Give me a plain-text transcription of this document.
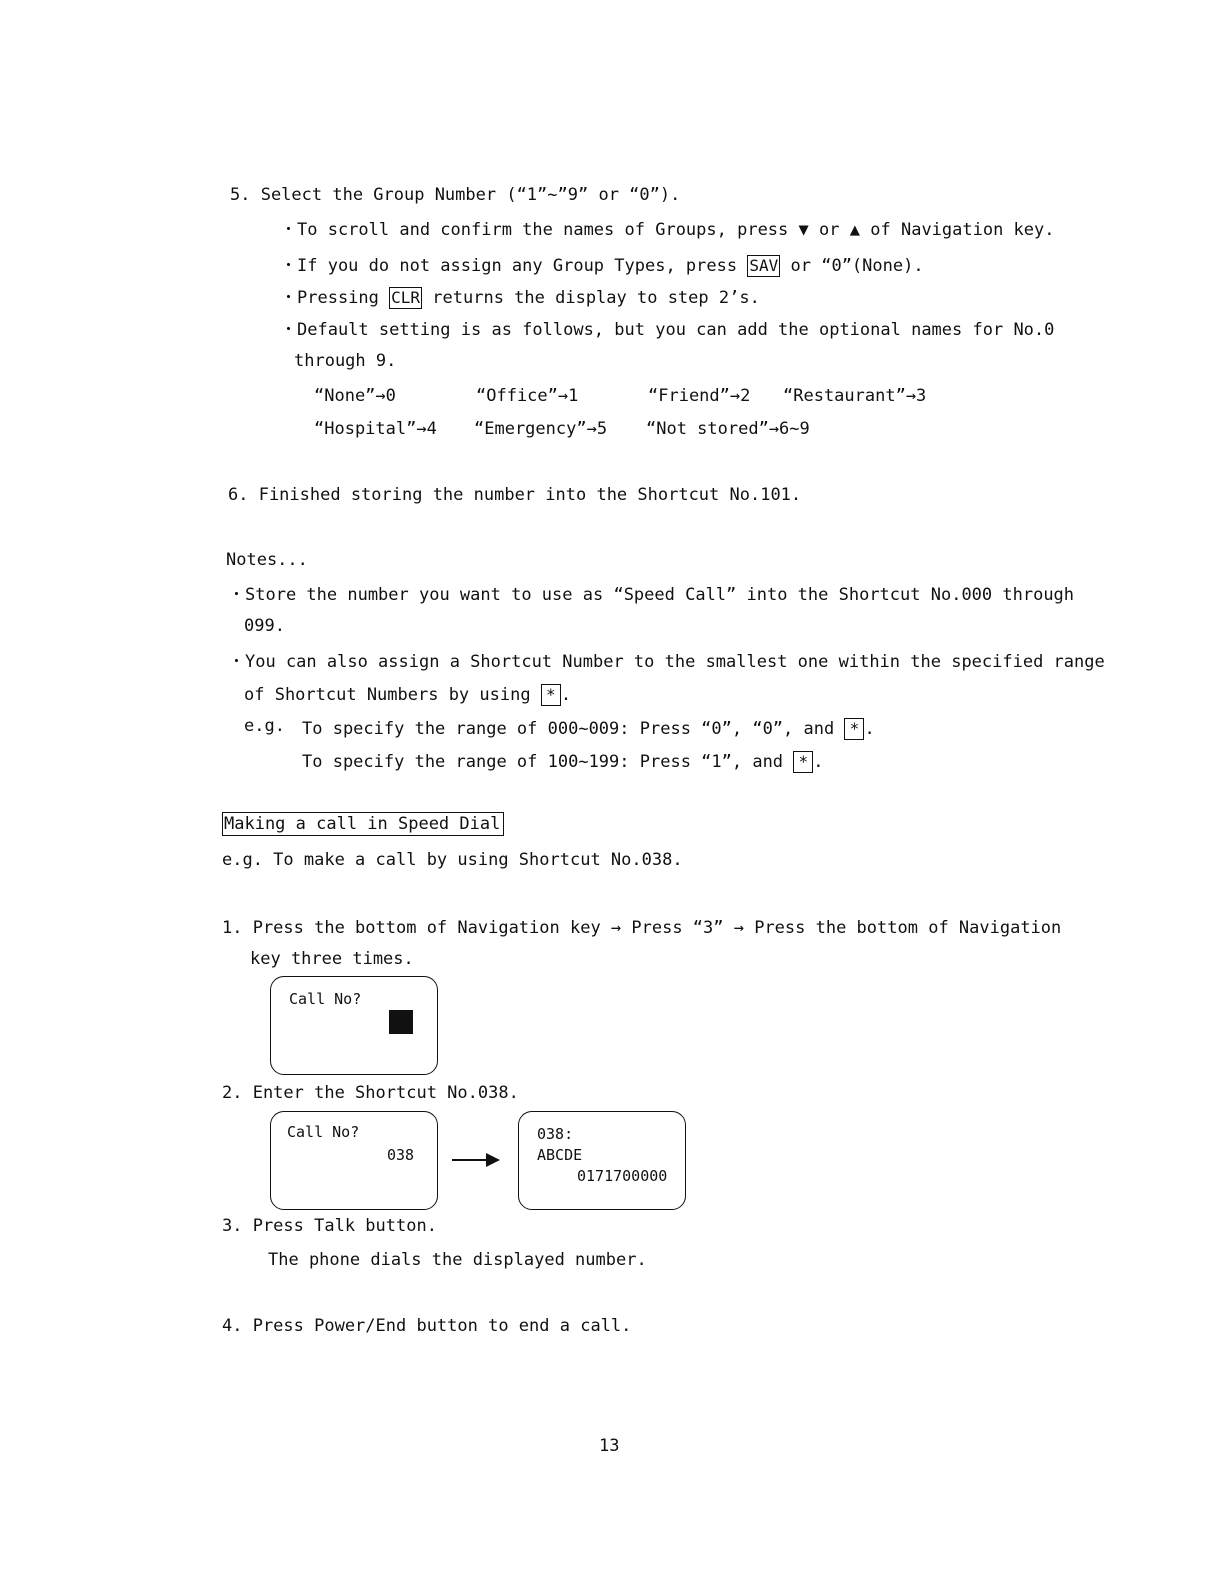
5. Select the Group Number (“1”~”9” or “0”).
・To scroll and confirm the names of Groups, press ▼ or ▲ of Navigation key.
・If you do not assign any Group Types, press SAV or “0”(None).
・Pressing CLR returns the display to step 2’s.
・Default setting is as follows, but you can add the optional names for No.0
through 9.
“None”→0	“Office”→1	“Friend”→2 “Restaurant”→3
“Hospital”→4 “Emergency”→5 “Not stored”→6~9
6. Finished storing the number into the Shortcut No.101.
Notes...
・Store the number you want to use as “Speed Call” into the Shortcut No.000 through
099.
・You can also assign a Shortcut Number to the smallest one within the specified range
of Shortcut Numbers by using * .
e.g. To specify the range of 000~009: Press “0”, “0”, and * .
To specify the range of 100~199: Press “1”, and * .
Making a call in Speed Dial
e.g. To make a call by using Shortcut No.038.
1. Press the bottom of Navigation key → Press “3” → Press the bottom of Navigation
key three times.
Call No?
2. Enter the Shortcut No.038.
Call No?
038
038:
ABCDE
0171700000
3. Press Talk button.
The phone dials the displayed number.
4. Press Power/End button to end a call.
13
